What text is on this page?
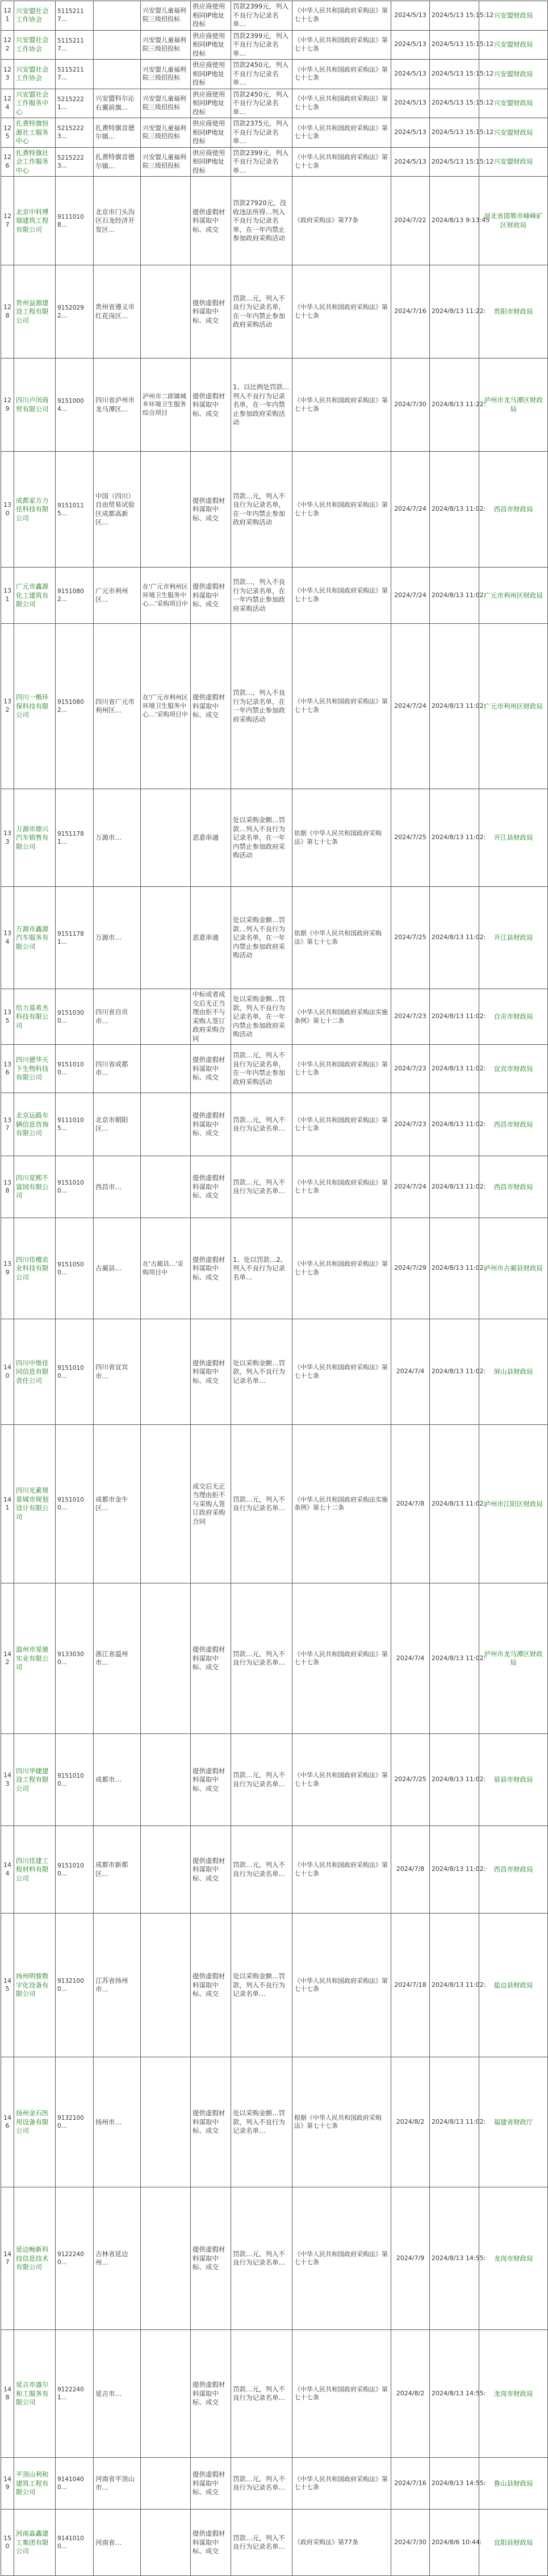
121	兴安盟社会工作协会	51152117…		兴安盟儿童福利院三级招投标	供应商使用相同IP地址投标	罚款2399元，列入不良行为记录名单…	《中华人民共和国政府采购法》第七十七条	2024/5/13	2024/5/13 15:15:12	兴安盟财政局
122	兴安盟社会工作协会	51152117…		兴安盟儿童福利院三级招投标	供应商使用相同IP地址投标	罚款2399元，列入不良行为记录名单…	《中华人民共和国政府采购法》第七十七条	2024/5/13	2024/5/13 15:15:12	兴安盟财政局
123	兴安盟社会工作协会	51152117…		兴安盟儿童福利院三级招投标	供应商使用相同IP地址投标	罚款2450元，列入不良行为记录名单…	《中华人民共和国政府采购法》第七十七条	2024/5/13	2024/5/13 15:15:12	兴安盟财政局
124	兴安盟社会工作服务中心	52152221…	兴安盟科尔沁右翼前旗…	兴安盟儿童福利院三级招投标	供应商使用相同IP地址投标	罚款2450元，列入不良行为记录名单…	《中华人民共和国政府采购法》第七十七条	2024/5/13	2024/5/13 15:15:12	兴安盟财政局
125	扎赉特旗恒源社工服务中心	52152223…	扎赉特旗音德尔镇…	兴安盟儿童福利院三级招投标	供应商使用相同IP地址投标	罚款2375元，列入不良行为记录名单…	《中华人民共和国政府采购法》第七十七条	2024/5/13	2024/5/13 15:15:12	兴安盟财政局
126	扎赉特旗社会工作服务中心	52152223…	扎赉特旗音德尔镇…	兴安盟儿童福利院三级招投标	供应商使用相同IP地址投标	罚款2399元，列入不良行为记录名单…	《中华人民共和国政府采购法》第七十七条	2024/5/13	2024/5/13 15:15:12	兴安盟财政局
127	北京中科博瑞建筑工程有限公司	91110108…	北京市门头沟区石龙经济开发区…		提供虚假材料谋取中标、成交	罚款27920元，没收违法所得…列入不良行为记录名单，在一年内禁止参加政府采购活动	《政府采购法》第77条	2024/7/22	2024/8/13 9:13:45	河北省邯郸市峰峰矿区财政局
128	贵州益源建设工程有限公司	91520292…	贵州省遵义市红花岗区…		提供虚假材料谋取中标、成交	罚款…元，列入不良行为记录名单，在一年内禁止参加政府采购活动	《中华人民共和国政府采购法》第七十七条	2024/7/16	2024/8/13 11:22:	贵阳市财政局
129	四川卢闰商贸有限公司	91510004…	四川省泸州市龙马潭区…	泸州市二郎镇城乡环境卫生服务综合项目	提供虚假材料谋取中标、成交	1、以比例处罚款…列入不良行为记录名单，在一年内禁止参加政府采购活动	《中华人民共和国政府采购法》第七十七条	2024/7/30	2024/8/13 11:22:	泸州市龙马潭区财政局
130	成都家方力佳科技有限公司	91510115…	中国（四川）自由贸易试验区成都高新区…		提供虚假材料谋取中标、成交	罚款…元，列入不良行为记录名单，在一年内禁止参加政府采购活动	《中华人民共和国政府采购法》第七十七条	2024/7/24	2024/8/13 11:02:	西昌市财政局
131	广元市鑫源化工建筑有限公司	91510802…	广元市利州区…	在'广元市利州区环境卫生服务中心…'采购项目中	提供虚假材料谋取中标、成交	罚款…，列入不良行为记录名单，在一年内禁止参加政府采购活动	《中华人民共和国政府采购法》第七十七条	2024/7/24	2024/8/13 11:02:	广元市利州区财政局
132	四川一楷环保科技有限公司	91510802…	四川省广元市利州区…	在'广元市利州区环境卫生服务中心…'采购项目中	提供虚假材料谋取中标、成交	罚款…，列入不良行为记录名单，在一年内禁止参加政府采购活动	《中华人民共和国政府采购法》第七十七条	2024/7/24	2024/8/13 11:02:	广元市利州区财政局
133	万源市鼎兴汽车销售有限公司	91511781…	万源市…		恶意串通	处以采购金额…罚款…列入不良行为记录名单，在一年内禁止参加政府采购活动	依据《中华人民共和国政府采购法》第七十七条	2024/7/25	2024/8/13 11:02:	开江县财政局
134	万源市鑫源汽车服务有限公司	91511781…	万源市…		恶意串通	处以采购金额…罚款…列入不良行为记录名单，在一年内禁止参加政府采购活动	依据《中华人民共和国政府采购法》第七十七条	2024/7/25	2024/8/13 11:02:	开江县财政局
135	给力基希杰科技有限公司	91510300…	四川省自贡市…		中标或者成交后无正当理由拒不与采购人签订政府采购合同	处以采购金额…罚款，列入不良行为记录名单，在一年内禁止参加政府采购活动	《中华人民共和国政府采购法实施条例》第七十二条	2024/7/23	2024/8/13 11:02:	自贡市财政局
136	四川德华天下生物科技有限公司	91510100…	四川省成都市…		提供虚假材料谋取中标、成交	罚款…元，列入不良行为记录名单，在一年内禁止参加政府采购活动	《中华人民共和国政府采购法》第七十七条	2024/7/23	2024/8/13 11:02:	宜宾市财政局
137	北京运路车辆信息咨询有限公司	91110105…	北京市朝阳区…		提供虚假材料谋取中标、成交	罚款…元，列入不良行为记录名单…	《中华人民共和国政府采购法》第七十七条	2024/7/23	2024/8/13 11:02:	西昌市财政局
138	四川星熙不富园有限公司	91510100…	西昌市…		提供虚假材料谋取中标、成交	罚款…元，列入不良行为记录名单…	《中华人民共和国政府采购法》第七十七条	2024/7/24	2024/8/13 11:02:	西昌市财政局
139	四川佳檀农业科技有限公司	91510500…	古蔺县…	在'古蔺县…'采购项目中	提供虚假材料谋取中标、成交	1、处以罚款…2、列入不良行为记录名单…	《中华人民共和国政府采购法》第七十七条	2024/7/29	2024/8/13 11:02:	泸州市古蔺县财政局
140	四川中维佳同信息有限责任公司	91510100…	四川省宜宾市…		提供虚假材料谋取中标、成交	处以采购金额…罚款，列入不良行为记录名单…	《中华人民共和国政府采购法》第七十七条	2024/7/4	2024/8/13 11:02:	屏山县财政局
141	四川光素规景城市规划设计有限公司	91510100…	成都市金牛区…		成交后无正当理由拒不与采购人签订政府采购合同	罚款…元，列入不良行为记录名单…	《中华人民共和国政府采购法实施条例》第七十二条	2024/7/8	2024/8/13 11:02:	泸州市江阳区财政局
142	温州市晃驰实业有限公司	91330300…	浙江省温州市…		提供虚假材料谋取中标、成交	罚款…元，列入不良行为记录名单…	《中华人民共和国政府采购法》第七十七条	2024/7/4	2024/8/13 11:02:	泸州市龙马潭区财政局
143	四川华捷建设工程有限公司	91510100…	成都市…		提供虚假材料谋取中标、成交	罚款…元，列入不良行为记录名单…	《中华人民共和国政府采购法》第七十七条	2024/7/25	2024/8/13 11:02:	眉县市财政局
144	四川佳建工程材料有限公司	91510100…	成都市新都区…		提供虚假材料谋取中标、成交	罚款…元，列入不良行为记录名单…	《中华人民共和国政府采购法》第七十七条	2024/7/8	2024/8/13 11:02:	西昌市财政局
145	扬州明骏数字化设备有限公司	91321000…	江苏省扬州市…		提供虚假材料谋取中标、成交	处以采购金额…罚款，列入不良行为记录名单…	《中华人民共和国政府采购法》第七十七条	2024/7/18	2024/8/13 11:02:	盐边县财政局
146	扬州金石医用设备有限公司	91321000…	扬州市…		提供虚假材料谋取中标、成交	处以采购金额…罚款，列入不良行为记录名单…	根据《中华人民共和国政府采购法》第七十七条	2024/8/2	2024/8/13 11:02:	福建省财政厅
147	延边畅新科技信息技术有限公司	91222400…	吉林省延边州…		提供虚假材料谋取中标、成交	罚款…元，列入不良行为记录名单…	《中华人民共和国政府采购法》第七十七条	2024/7/9	2024/8/13 14:55:	龙岗市财政局
148	延吉市盛尔和工服务有限公司	91222401…	延吉市…		提供虚假材料谋取中标、成交	罚款…元，列入不良行为记录名单…	《中华人民共和国政府采购法》第七十七条	2024/8/2	2024/8/13 14:55:	龙岗市财政局
149	平顶山利和建筑工程有限公司	91410400…	河南省平顶山市…		提供虚假材料谋取中标、成交	罚款…元，列入不良行为记录名单…	《中华人民共和国政府采购法》第七十七条	2024/7/16	2024/8/13 14:55:	鲁山县财政局
150	河南淼鑫建工集团有限公司	91410100…	河南省…		提供虚假材料谋取中标、成交	罚款…元，列入不良行为记录名单…	《政府采购法》第77条	2024/7/30	2024/8/6 10:44:	宜阳县财政局
